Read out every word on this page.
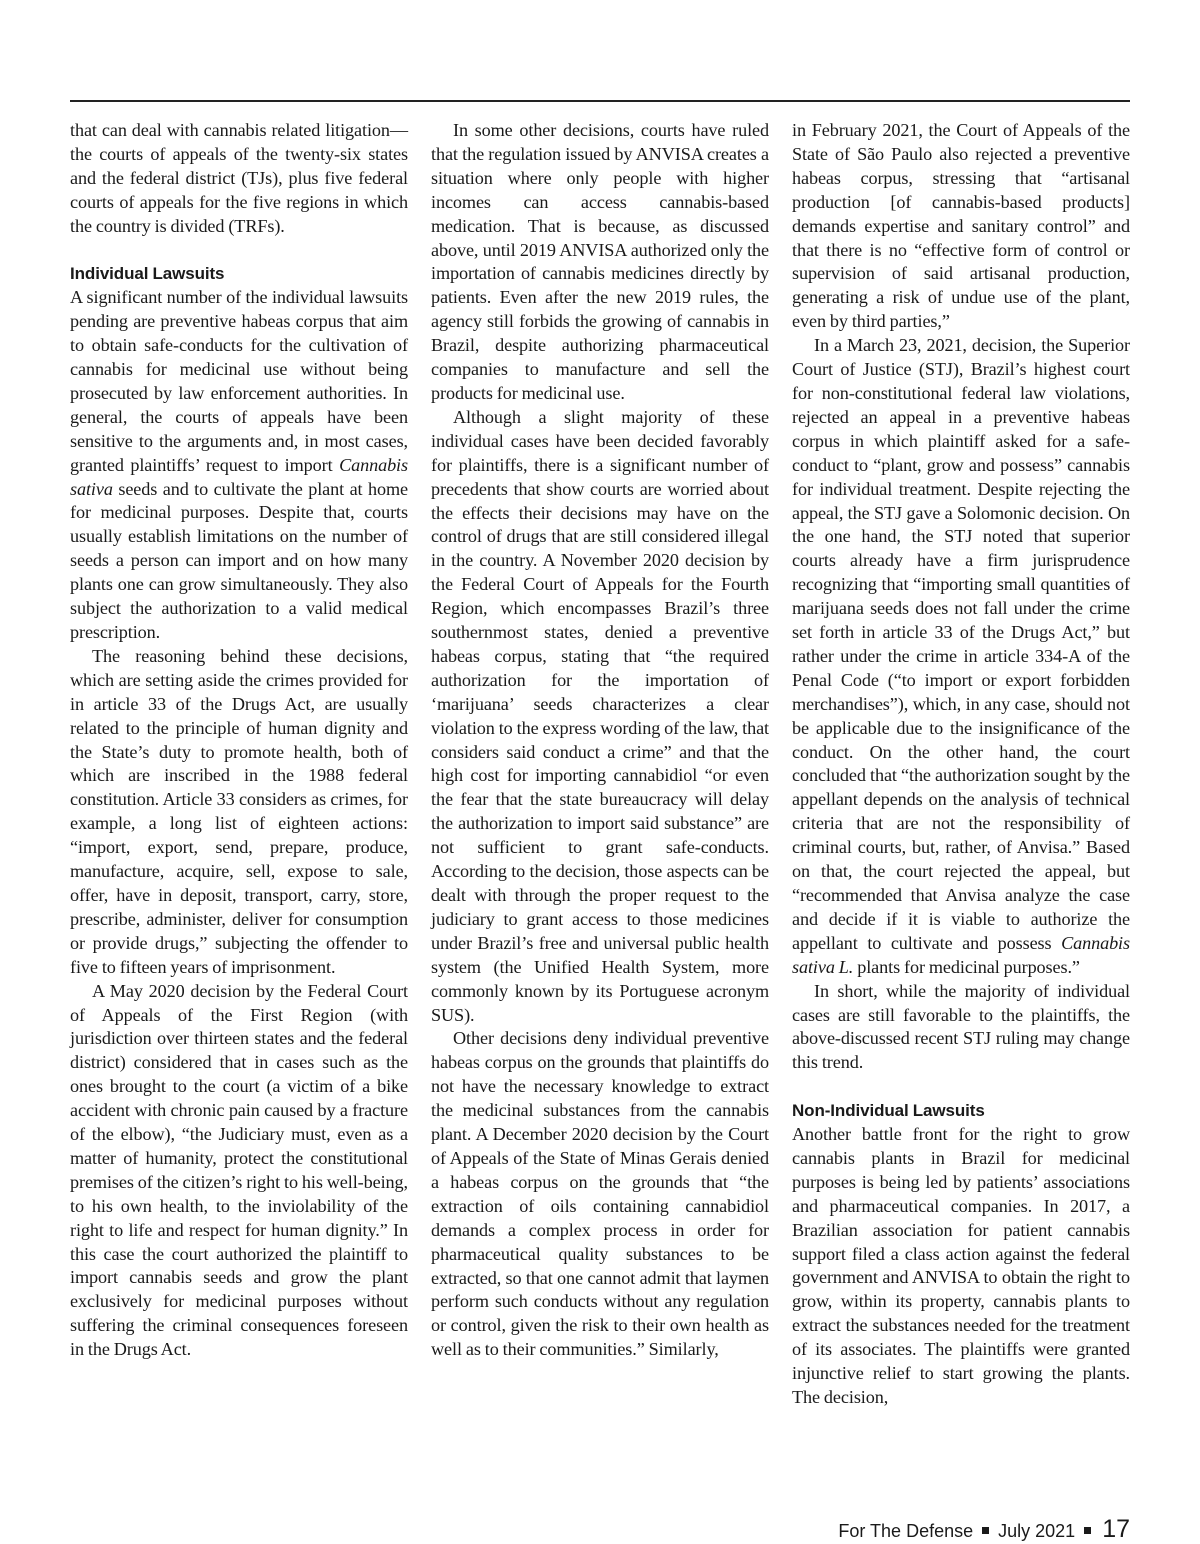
that can deal with cannabis related litigation—the courts of appeals of the twenty-six states and the federal district (TJs), plus five federal courts of appeals for the five regions in which the country is divided (TRFs).

Individual Lawsuits

A significant number of the individual lawsuits pending are preventive habeas corpus that aim to obtain safe-conducts for the cultivation of cannabis for medicinal use without being prosecuted by law enforcement authorities. In general, the courts of appeals have been sensitive to the arguments and, in most cases, granted plaintiffs’ request to import Cannabis sativa seeds and to cultivate the plant at home for medicinal purposes. Despite that, courts usually establish limitations on the number of seeds a person can import and on how many plants one can grow simultaneously. They also subject the authorization to a valid medical prescription.

The reasoning behind these decisions, which are setting aside the crimes provided for in article 33 of the Drugs Act, are usually related to the principle of human dignity and the State’s duty to promote health, both of which are inscribed in the 1988 federal constitution. Article 33 considers as crimes, for example, a long list of eighteen actions: “import, export, send, prepare, produce, manufacture, acquire, sell, expose to sale, offer, have in deposit, transport, carry, store, prescribe, administer, deliver for consumption or provide drugs,” subjecting the offender to five to fifteen years of imprisonment.

A May 2020 decision by the Federal Court of Appeals of the First Region (with jurisdiction over thirteen states and the federal district) considered that in cases such as the ones brought to the court (a victim of a bike accident with chronic pain caused by a fracture of the elbow), “the Judiciary must, even as a matter of humanity, protect the constitutional premises of the citizen’s right to his well-being, to his own health, to the inviolability of the right to life and respect for human dignity.” In this case the court authorized the plaintiff to import cannabis seeds and grow the plant exclusively for medicinal purposes without suffering the criminal consequences foreseen in the Drugs Act.

In some other decisions, courts have ruled that the regulation issued by ANVISA creates a situation where only people with higher incomes can access cannabis-based medication. That is because, as discussed above, until 2019 ANVISA authorized only the importation of cannabis medicines directly by patients. Even after the new 2019 rules, the agency still forbids the growing of cannabis in Brazil, despite authorizing pharmaceutical companies to manufacture and sell the products for medicinal use.

Although a slight majority of these individual cases have been decided favorably for plaintiffs, there is a significant number of precedents that show courts are worried about the effects their decisions may have on the control of drugs that are still considered illegal in the country. A November 2020 decision by the Federal Court of Appeals for the Fourth Region, which encompasses Brazil’s three southernmost states, denied a preventive habeas corpus, stating that “the required authorization for the importation of ‘marijuana’ seeds characterizes a clear violation to the express wording of the law, that considers said conduct a crime” and that the high cost for importing cannabidiol “or even the fear that the state bureaucracy will delay the authorization to import said substance” are not sufficient to grant safe-conducts. According to the decision, those aspects can be dealt with through the proper request to the judiciary to grant access to those medicines under Brazil’s free and universal public health system (the Unified Health System, more commonly known by its Portuguese acronym SUS).

Other decisions deny individual preventive habeas corpus on the grounds that plaintiffs do not have the necessary knowledge to extract the medicinal substances from the cannabis plant. A December 2020 decision by the Court of Appeals of the State of Minas Gerais denied a habeas corpus on the grounds that “the extraction of oils containing cannabidiol demands a complex process in order for pharmaceutical quality substances to be extracted, so that one cannot admit that laymen perform such conducts without any regulation or control, given the risk to their own health as well as to their communities.” Similarly,

in February 2021, the Court of Appeals of the State of São Paulo also rejected a preventive habeas corpus, stressing that “artisanal production [of cannabis-based products] demands expertise and sanitary control” and that there is no “effective form of control or supervision of said artisanal production, generating a risk of undue use of the plant, even by third parties,”

In a March 23, 2021, decision, the Superior Court of Justice (STJ), Brazil’s highest court for non-constitutional federal law violations, rejected an appeal in a preventive habeas corpus in which plaintiff asked for a safe-conduct to “plant, grow and possess” cannabis for individual treatment. Despite rejecting the appeal, the STJ gave a Solomonic decision. On the one hand, the STJ noted that superior courts already have a firm jurisprudence recognizing that “importing small quantities of marijuana seeds does not fall under the crime set forth in article 33 of the Drugs Act,” but rather under the crime in article 334-A of the Penal Code (“to import or export forbidden merchandises”), which, in any case, should not be applicable due to the insignificance of the conduct. On the other hand, the court concluded that “the authorization sought by the appellant depends on the analysis of technical criteria that are not the responsibility of criminal courts, but, rather, of Anvisa.” Based on that, the court rejected the appeal, but “recommended that Anvisa analyze the case and decide if it is viable to authorize the appellant to cultivate and possess Cannabis sativa L. plants for medicinal purposes.”

In short, while the majority of individual cases are still favorable to the plaintiffs, the above-discussed recent STJ ruling may change this trend.

Non-Individual Lawsuits

Another battle front for the right to grow cannabis plants in Brazil for medicinal purposes is being led by patients’ associations and pharmaceutical companies. In 2017, a Brazilian association for patient cannabis support filed a class action against the federal government and ANVISA to obtain the right to grow, within its property, cannabis plants to extract the substances needed for the treatment of its associates. The plaintiffs were granted injunctive relief to start growing the plants. The decision,

For The Defense July 2021 17
